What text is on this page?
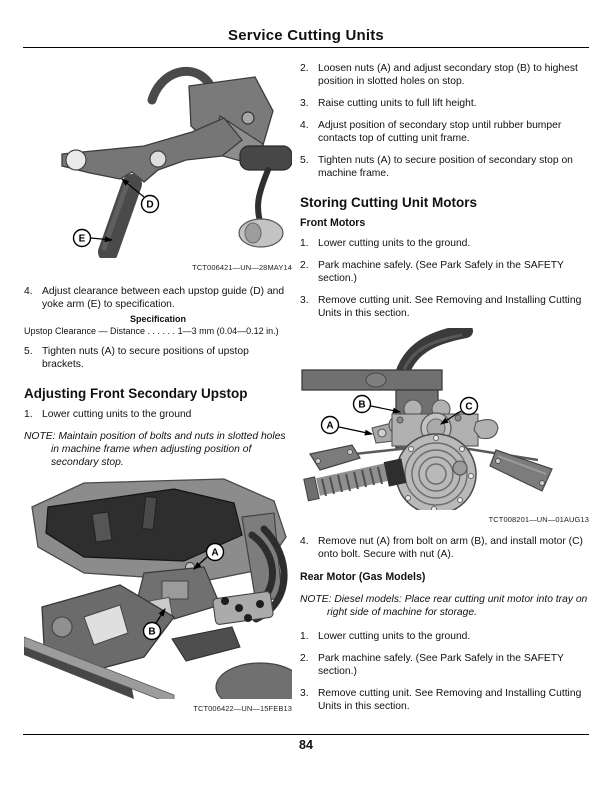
Service Cutting Units
D
E
TCT006421—UN—28MAY14
4. Adjust clearance between each upstop guide (D) and yoke arm (E) to specification.
Specification
Upstop Clearance — Distance . . . . . . 1—3 mm (0.04—0.12 in.)
5. Tighten nuts (A) to secure positions of upstop brackets.
Adjusting Front Secondary Upstop
1. Lower cutting units to the ground
NOTE: Maintain position of bolts and nuts in slotted holes in machine frame when adjusting position of secondary stop.
A
B
TCT006422—UN—15FEB13
2. Loosen nuts (A) and adjust secondary stop (B) to highest position in slotted holes on stop.
3. Raise cutting units to full lift height.
4. Adjust position of secondary stop until rubber bumper contacts top of cutting unit frame.
5. Tighten nuts (A) to secure position of secondary stop on machine frame.
Storing Cutting Unit Motors
Front Motors
1. Lower cutting units to the ground.
2. Park machine safely. (See Park Safely in the SAFETY section.)
3. Remove cutting unit. See Removing and Installing Cutting Units in this section.
B
A
C
TCT008201—UN—01AUG13
4. Remove nut (A) from bolt on arm (B), and install motor (C) onto bolt. Secure with nut (A).
Rear Motor (Gas Models)
NOTE: Diesel models: Place rear cutting unit motor into tray on right side of machine for storage.
1. Lower cutting units to the ground.
2. Park machine safely. (See Park Safely in the SAFETY section.)
3. Remove cutting unit. See Removing and Installing Cutting Units in this section.
84
